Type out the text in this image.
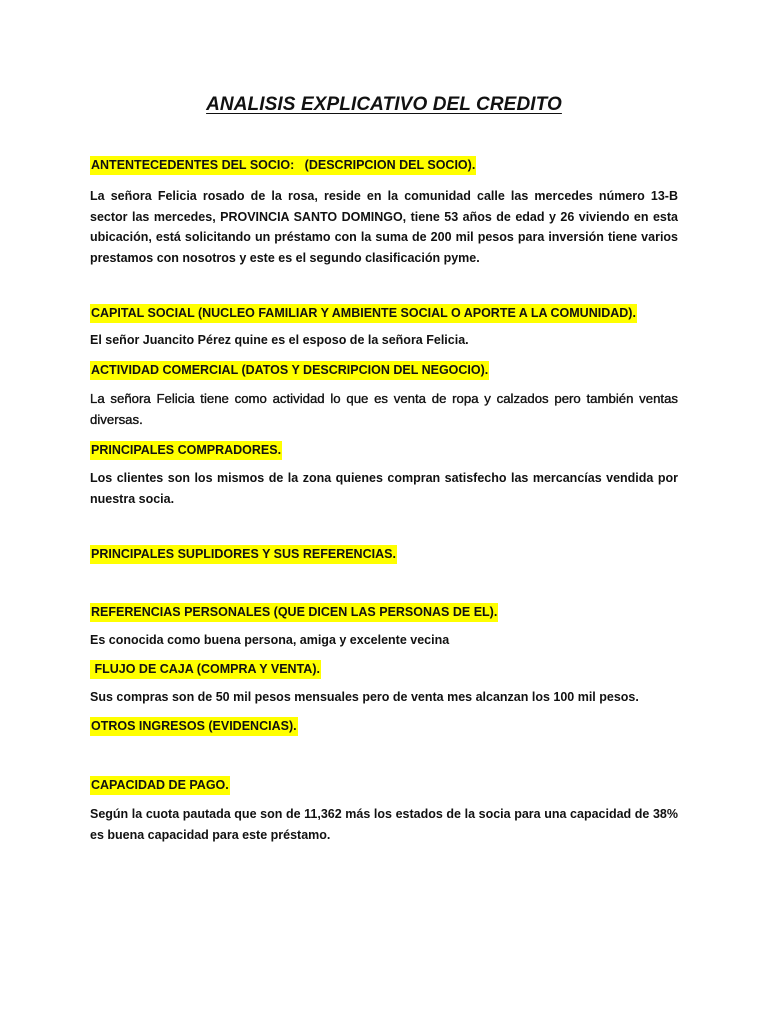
ANALISIS EXPLICATIVO DEL CREDITO
ANTENTECEDENTES DEL SOCIO:   (DESCRIPCION DEL SOCIO).
La señora Felicia rosado de la rosa, reside en la comunidad calle las mercedes número 13-B sector las mercedes, PROVINCIA SANTO DOMINGO, tiene 53 años de edad y 26 viviendo en esta ubicación, está solicitando un préstamo con la suma de 200 mil pesos para inversión tiene varios prestamos con nosotros y este es el segundo clasificación pyme.
CAPITAL SOCIAL (NUCLEO FAMILIAR Y AMBIENTE SOCIAL O APORTE A LA COMUNIDAD).
El señor Juancito Pérez quine es el esposo de la señora Felicia.
ACTIVIDAD COMERCIAL (DATOS Y DESCRIPCION DEL NEGOCIO).
La señora Felicia tiene como actividad lo que es venta de ropa y calzados pero también ventas diversas.
PRINCIPALES COMPRADORES.
Los clientes son los mismos de la zona quienes compran satisfecho las mercancías vendida por nuestra socia.
PRINCIPALES SUPLIDORES Y SUS REFERENCIAS.
REFERENCIAS PERSONALES (QUE DICEN LAS PERSONAS DE EL).
Es conocida como buena persona, amiga y excelente vecina
FLUJO DE CAJA (COMPRA Y VENTA).
Sus compras son de 50 mil pesos mensuales pero de venta mes alcanzan los 100 mil pesos.
OTROS INGRESOS (EVIDENCIAS).
CAPACIDAD DE PAGO.
Según la cuota pautada que son de 11,362 más los estados de la socia para una capacidad de 38% es buena capacidad para este préstamo.
